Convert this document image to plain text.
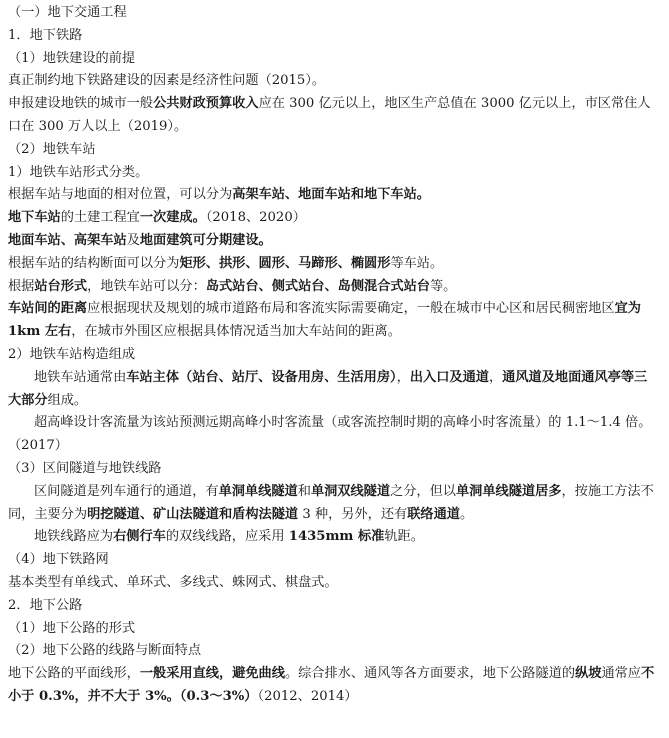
（一）地下交通工程
1．地下铁路
（1）地铁建设的前提
真正制约地下铁路建设的因素是经济性问题（2015）。
申报建设地铁的城市一般公共财政预算收入应在 300 亿元以上，地区生产总值在 3000 亿元以上，市区常住人口在 300 万人以上（2019）。
（2）地铁车站
1）地铁车站形式分类。
根据车站与地面的相对位置，可以分为高架车站、地面车站和地下车站。
地下车站的土建工程宜一次建成。（2018、2020）
地面车站、高架车站及地面建筑可分期建设。
根据车站的结构断面可以分为矩形、拱形、圆形、马蹄形、椭圆形等车站。
根据站台形式，地铁车站可以分：岛式站台、侧式站台、岛侧混合式站台等。
车站间的距离应根据现状及规划的城市道路布局和客流实际需要确定，一般在城市中心区和居民稠密地区宜为 1km 左右，在城市外围区应根据具体情况适当加大车站间的距离。
2）地铁车站构造组成
地铁车站通常由车站主体（站台、站厅、设备用房、生活用房），出入口及通道，通风道及地面通风亭等三大部分组成。
超高峰设计客流量为该站预测远期高峰小时客流量（或客流控制时期的高峰小时客流量）的 1.1～1.4 倍。（2017）
（3）区间隧道与地铁线路
区间隧道是列车通行的通道，有单洞单线隧道和单洞双线隧道之分，但以单洞单线隧道居多，按施工方法不同，主要分为明挖隧道、矿山法隧道和盾构法隧道 3 种，另外，还有联络通道。
地铁线路应为右侧行车的双线线路，应采用 1435mm 标准轨距。
（4）地下铁路网
基本类型有单线式、单环式、多线式、蛛网式、棋盘式。
2．地下公路
（1）地下公路的形式
（2）地下公路的线路与断面特点
地下公路的平面线形，一般采用直线，避免曲线。综合排水、通风等各方面要求，地下公路隧道的纵坡通常应不小于 0.3%，并不大于 3%。（0.3～3%）（2012、2014）
